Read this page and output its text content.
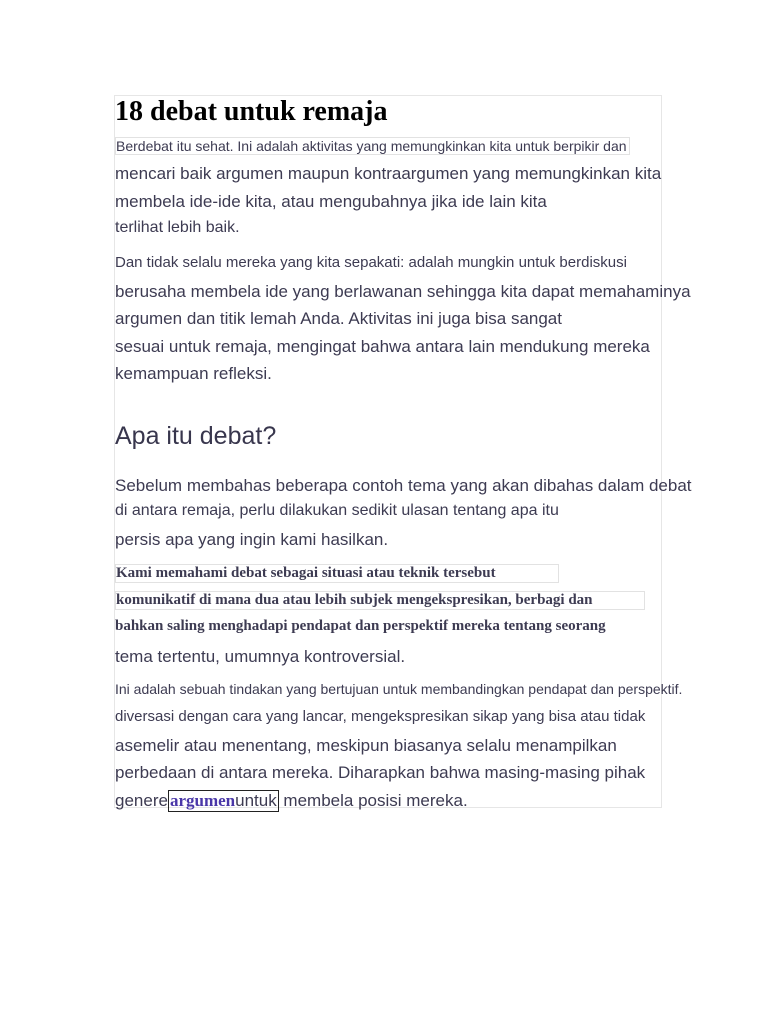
18 debat untuk remaja
Berdebat itu sehat. Ini adalah aktivitas yang memungkinkan kita untuk berpikir dan
mencari baik argumen maupun kontraargumen yang memungkinkan kita
membela ide-ide kita, atau mengubahnya jika ide lain kita
terlihat lebih baik.
Dan tidak selalu mereka yang kita sepakati: adalah mungkin untuk berdiskusi
berusaha membela ide yang berlawanan sehingga kita dapat memahaminya
argumen dan titik lemah Anda. Aktivitas ini juga bisa sangat
sesuai untuk remaja, mengingat bahwa antara lain mendukung mereka
kemampuan refleksi.
Apa itu debat?
Sebelum membahas beberapa contoh tema yang akan dibahas dalam debat
di antara remaja, perlu dilakukan sedikit ulasan tentang apa itu
persis apa yang ingin kami hasilkan.
Kami memahami debat sebagai situasi atau teknik tersebut
komunikatif di mana dua atau lebih subjek mengekspresikan, berbagi dan
bahkan saling menghadapi pendapat dan perspektif mereka tentang seorang
tema tertentu, umumnya kontroversial.
Ini adalah sebuah tindakan yang bertujuan untuk membandingkan pendapat dan perspektif.
diversasi dengan cara yang lancar, mengekspresikan sikap yang bisa atau tidak
asemelir atau menentang, meskipun biasanya selalu menampilkan
perbedaan di antara mereka. Diharapkan bahwa masing-masing pihak
genere argumenuntuk membela posisi mereka.
